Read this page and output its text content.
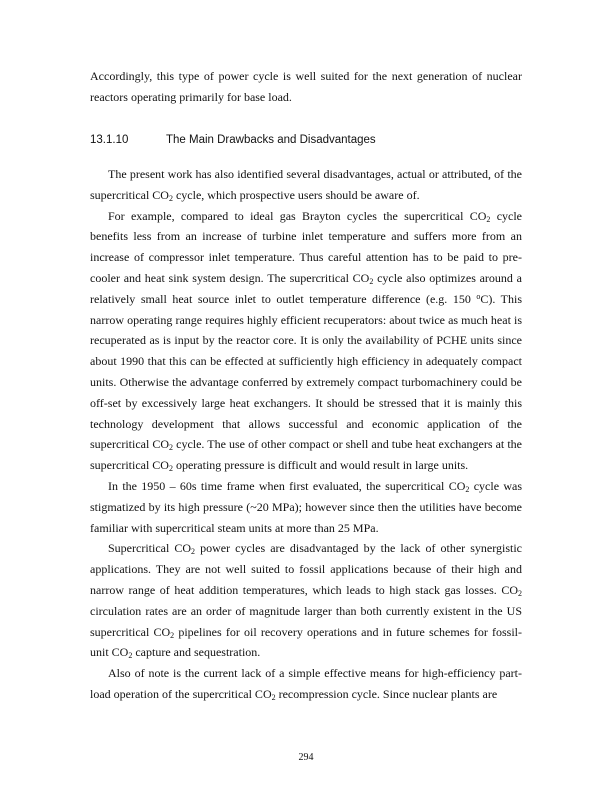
Accordingly, this type of power cycle is well suited for the next generation of nuclear reactors operating primarily for base load.

13.1.10	The Main Drawbacks and Disadvantages

The present work has also identified several disadvantages, actual or attributed, of the supercritical $CO_2$ cycle, which prospective users should be aware of.

For example, compared to ideal gas Brayton cycles the supercritical $CO_2$ cycle benefits less from an increase of turbine inlet temperature and suffers more from an increase of compressor inlet temperature. Thus careful attention has to be paid to pre-cooler and heat sink system design. The supercritical $CO_2$ cycle also optimizes around a relatively small heat source inlet to outlet temperature difference (e.g. 150 $^o$C). This narrow operating range requires highly efficient recuperators: about twice as much heat is recuperated as is input by the reactor core. It is only the availability of PCHE units since about 1990 that this can be effected at sufficiently high efficiency in adequately compact units. Otherwise the advantage conferred by extremely compact turbomachinery could be off-set by excessively large heat exchangers. It should be stressed that it is mainly this technology development that allows successful and economic application of the supercritical $CO_2$ cycle. The use of other compact or shell and tube heat exchangers at the supercritical $CO_2$ operating pressure is difficult and would result in large units.

In the 1950 – 60s time frame when first evaluated, the supercritical $CO_2$ cycle was stigmatized by its high pressure (~20 MPa); however since then the utilities have become familiar with supercritical steam units at more than 25 MPa.

Supercritical $CO_2$ power cycles are disadvantaged by the lack of other synergistic applications. They are not well suited to fossil applications because of their high and narrow range of heat addition temperatures, which leads to high stack gas losses. $CO_2$ circulation rates are an order of magnitude larger than both currently existent in the US supercritical $CO_2$ pipelines for oil recovery operations and in future schemes for fossil-unit $CO_2$ capture and sequestration.

Also of note is the current lack of a simple effective means for high-efficiency part-load operation of the supercritical $CO_2$ recompression cycle. Since nuclear plants are

294
